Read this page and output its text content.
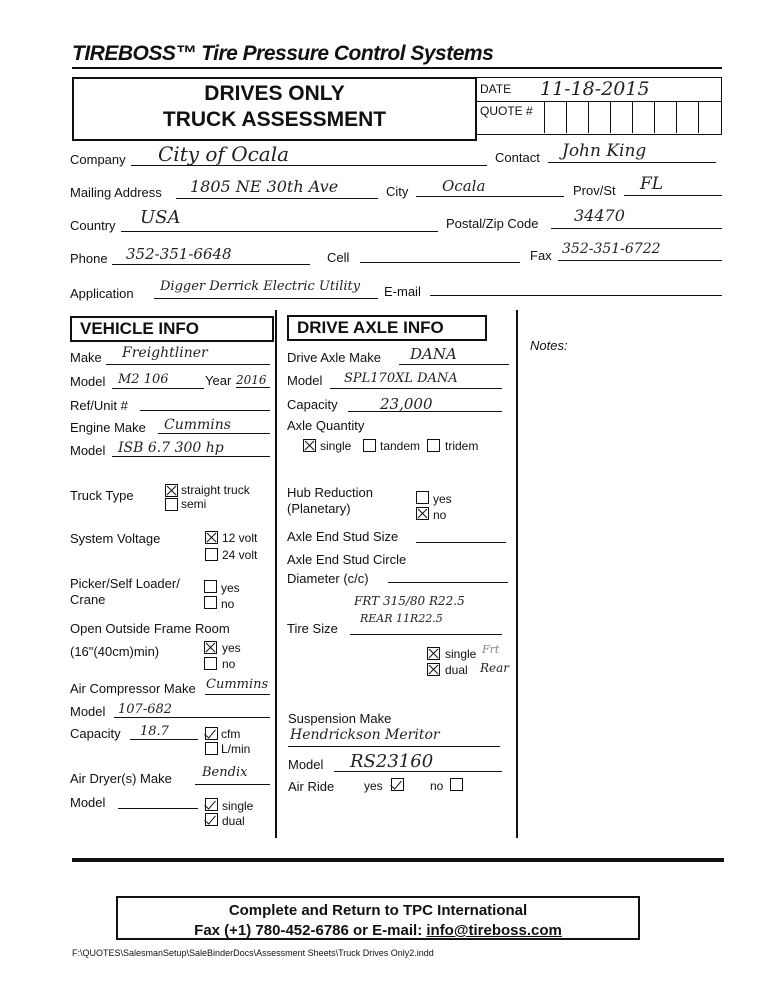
TIREBOSS™ Tire Pressure Control Systems
DRIVES ONLY
TRUCK ASSESSMENT
DATE 11-18-2015
QUOTE #
Company City of Ocala	Contact John King
Mailing Address 1805 NE 30th Ave	City Ocala	Prov/St FL
Country USA	Postal/Zip Code 34470
Phone 352-351-6648	Cell	Fax 352-351-6722
Application Digger Derrick Electric Utility E-mail
VEHICLE INFO
Make Freightliner
Model M2 106	Year 2016
Ref/Unit #
Engine Make Cummins
Model ISB 6.7 300 hp
Truck Type	straight truck
semi
System Voltage	12 volt
24 volt
Picker/Self Loader/
Crane
yes
no
Open Outside Frame Room
(16"(40cm)min)	yes
no
Air Compressor Make Cummins
Model 107-682
Capacity 18.7	cfm
L/min
Air Dryer(s) Make Bendix
Model	single
dual
DRIVE AXLE INFO
Drive Axle Make DANA
Model SPL170XL DANA
Capacity	23,000
Axle Quantity
single tandem tridem
Hub Reduction
(Planetary)
yes
no
Axle End Stud Size
Axle End Stud Circle
Diameter (c/c)
FRT 315/80 R22.5
REAR 11R22.5
Tire Size
single Frt
dual Rear
Suspension Make
Hendrickson Meritor
Model RS23160
Air Ride yes	no
Notes:
Complete and Return to TPC International
Fax (+1) 780-452-6786 or E-mail: info@tireboss.com
F:\QUOTES\SalesmanSetup\SaleBinderDocs\Assessment Sheets\Truck Drives Only2.indd
